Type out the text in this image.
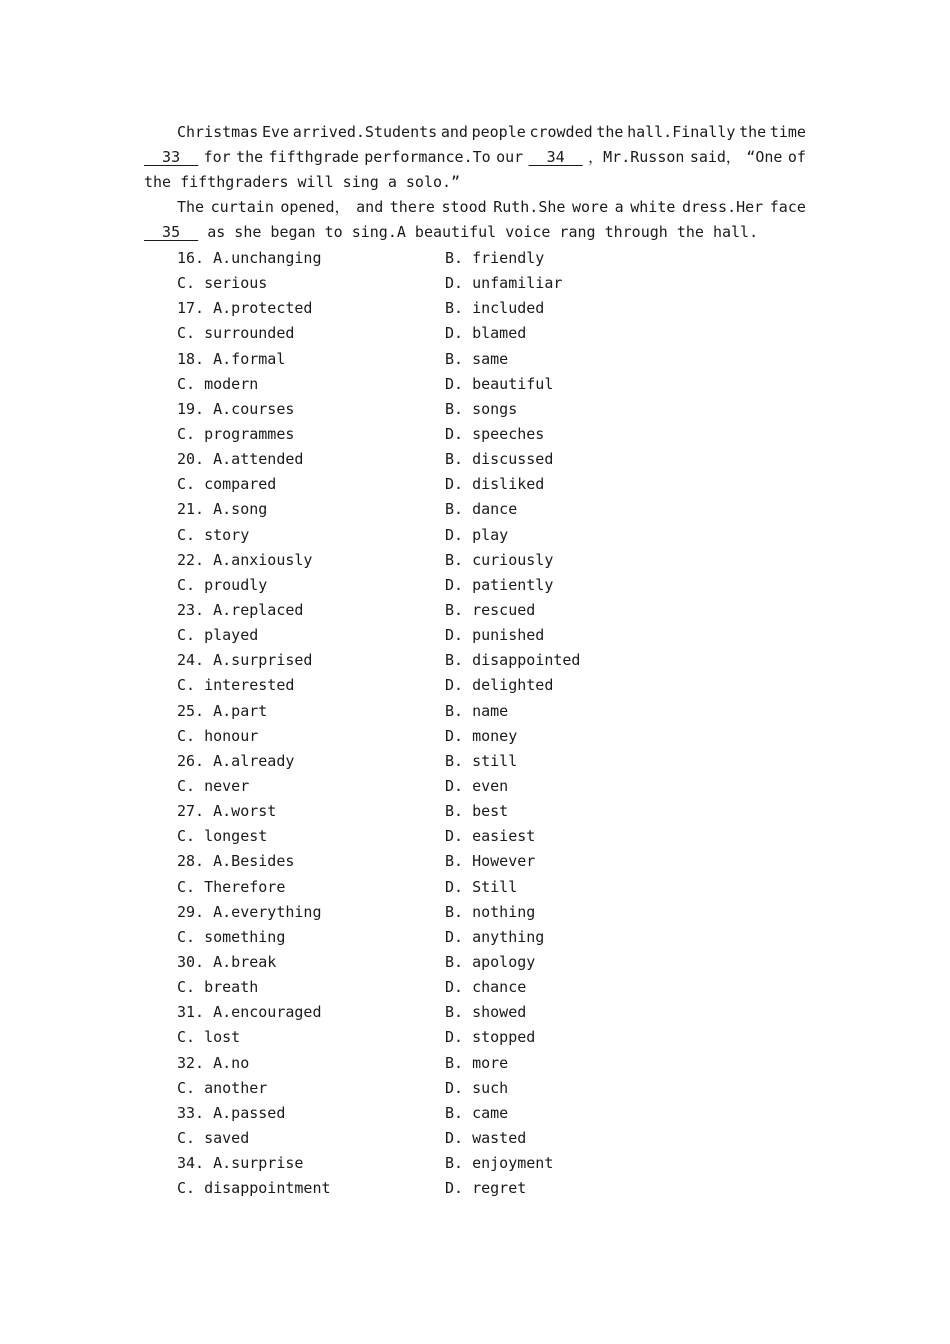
Christmas Eve arrived.Students and people crowded the hall.Finally the time
33 for the fifthgrade performance.To our 34 ，Mr.Russon said， “One of
the fifthgraders will sing a solo.”
The curtain opened， and there stood Ruth.She wore a white dress.Her face
35   as she began to sing.A beautiful voice rang through the hall.
16. A.unchanging	B. friendly
C. serious	D. unfamiliar
17. A.protected	B. included
C. surrounded	D. blamed
18. A.formal	B. same
C. modern	D. beautiful
19. A.courses	B. songs
C. programmes	D. speeches
20. A.attended	B. discussed
C. compared	D. disliked
21. A.song	B. dance
C. story	D. play
22. A.anxiously	B. curiously
C. proudly	D. patiently
23. A.replaced	B. rescued
C. played	D. punished
24. A.surprised	B. disappointed
C. interested	D. delighted
25. A.part	B. name
C. honour	D. money
26. A.already	B. still
C. never	D. even
27. A.worst	B. best
C. longest	D. easiest
28. A.Besides	B. However
C. Therefore	D. Still
29. A.everything	B. nothing
C. something	D. anything
30. A.break	B. apology
C. breath	D. chance
31. A.encouraged	B. showed
C. lost	D. stopped
32. A.no	B. more
C. another	D. such
33. A.passed	B. came
C. saved	D. wasted
34. A.surprise	B. enjoyment
C. disappointment	D. regret
